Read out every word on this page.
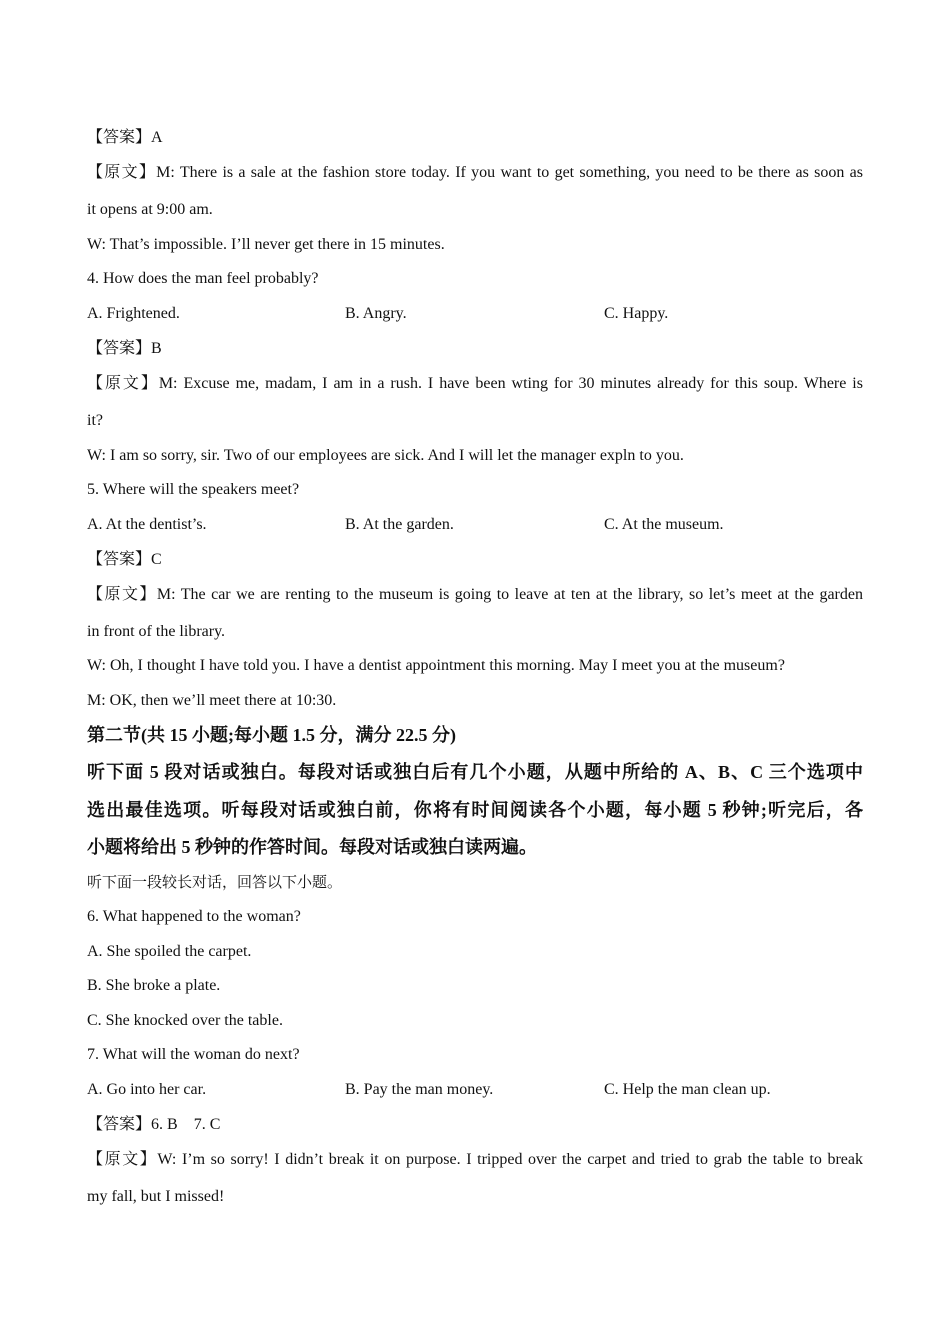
【答案】A

【原文】M: There is a sale at the fashion store today. If you want to get something, you need to be there as soon as

it opens at 9:00 am.

W: That’s impossible. I’ll never get there in 15 minutes.

4. How does the man feel probably?

A. Frightened.	B. Angry.	C. Happy.

【答案】B

【原文】M: Excuse me, madam, I am in a rush. I have been wting for 30 minutes already for this soup. Where is

it?

W: I am so sorry, sir. Two of our employees are sick. And I will let the manager expln to you.

5. Where will the speakers meet?

A. At the dentist’s.	B. At the garden.	C. At the museum.

【答案】C

【原文】M: The car we are renting to the museum is going to leave at ten at the library, so let’s meet at the garden

in front of the library.

W: Oh, I thought I have told you. I have a dentist appointment this morning. May I meet you at the museum?

M: OK, then we’ll meet there at 10:30.

第二节(共 15 小题;每小题 1.5 分，满分 22.5 分)

听下面 5 段对话或独白。每段对话或独白后有几个小题，从题中所给的 A、B、C 三个选项中

选出最佳选项。听每段对话或独白前，你将有时间阅读各个小题，每小题 5 秒钟;听完后，各

小题将给出 5 秒钟的作答时间。每段对话或独白读两遍。

听下面一段较长对话，回答以下小题。

6. What happened to the woman?

A. She spoiled the carpet.

B. She broke a plate.

C. She knocked over the table.

7. What will the woman do next?

A. Go into her car.	B. Pay the man money.	C. Help the man clean up.

【答案】6. B    7. C

【原文】W: I’m so sorry! I didn’t break it on purpose. I tripped over the carpet and tried to grab the table to break

my fall, but I missed!
